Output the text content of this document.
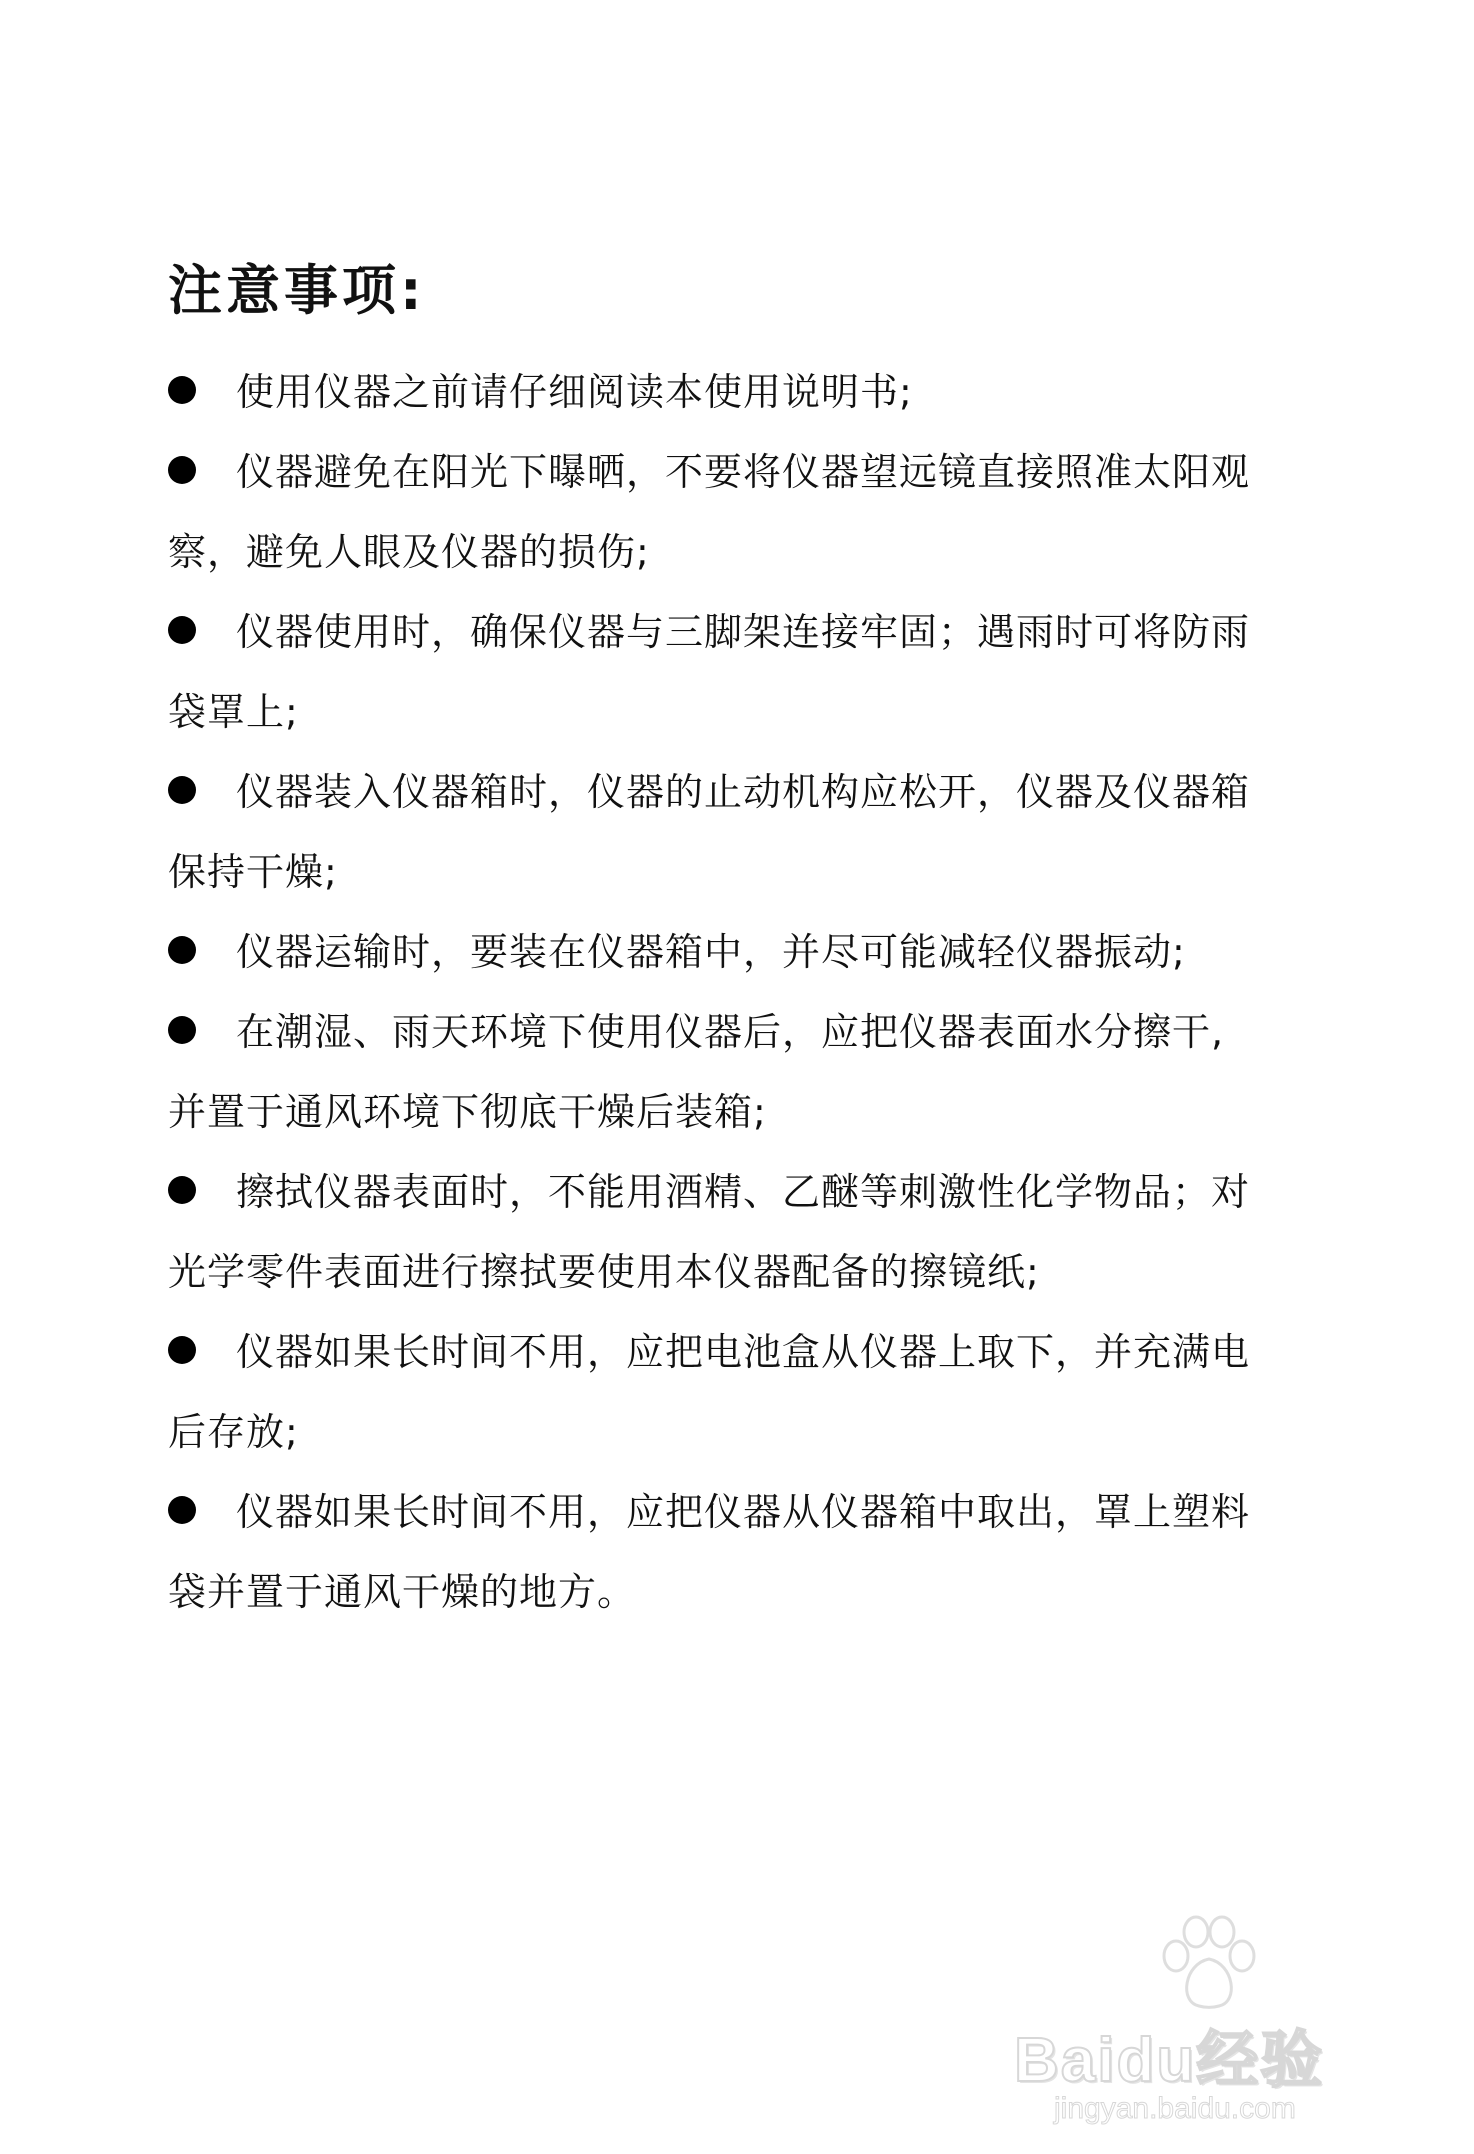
注意事项:
使用仪器之前请仔细阅读本使用说明书;
仪器避免在阳光下曝晒，不要将仪器望远镜直接照准太阳观
察，避免人眼及仪器的损伤;
仪器使用时，确保仪器与三脚架连接牢固；遇雨时可将防雨
袋罩上;
仪器装入仪器箱时，仪器的止动机构应松开，仪器及仪器箱
保持干燥;
仪器运输时，要装在仪器箱中，并尽可能减轻仪器振动;
在潮湿、雨天环境下使用仪器后，应把仪器表面水分擦干,
并置于通风环境下彻底干燥后装箱;
擦拭仪器表面时，不能用酒精、乙醚等刺激性化学物品；对
光学零件表面进行擦拭要使用本仪器配备的擦镜纸;
仪器如果长时间不用，应把电池盒从仪器上取下，并充满电
后存放;
仪器如果长时间不用，应把仪器从仪器箱中取出，罩上塑料
袋并置于通风干燥的地方。
Baidu经验
jingyan.baidu.com
